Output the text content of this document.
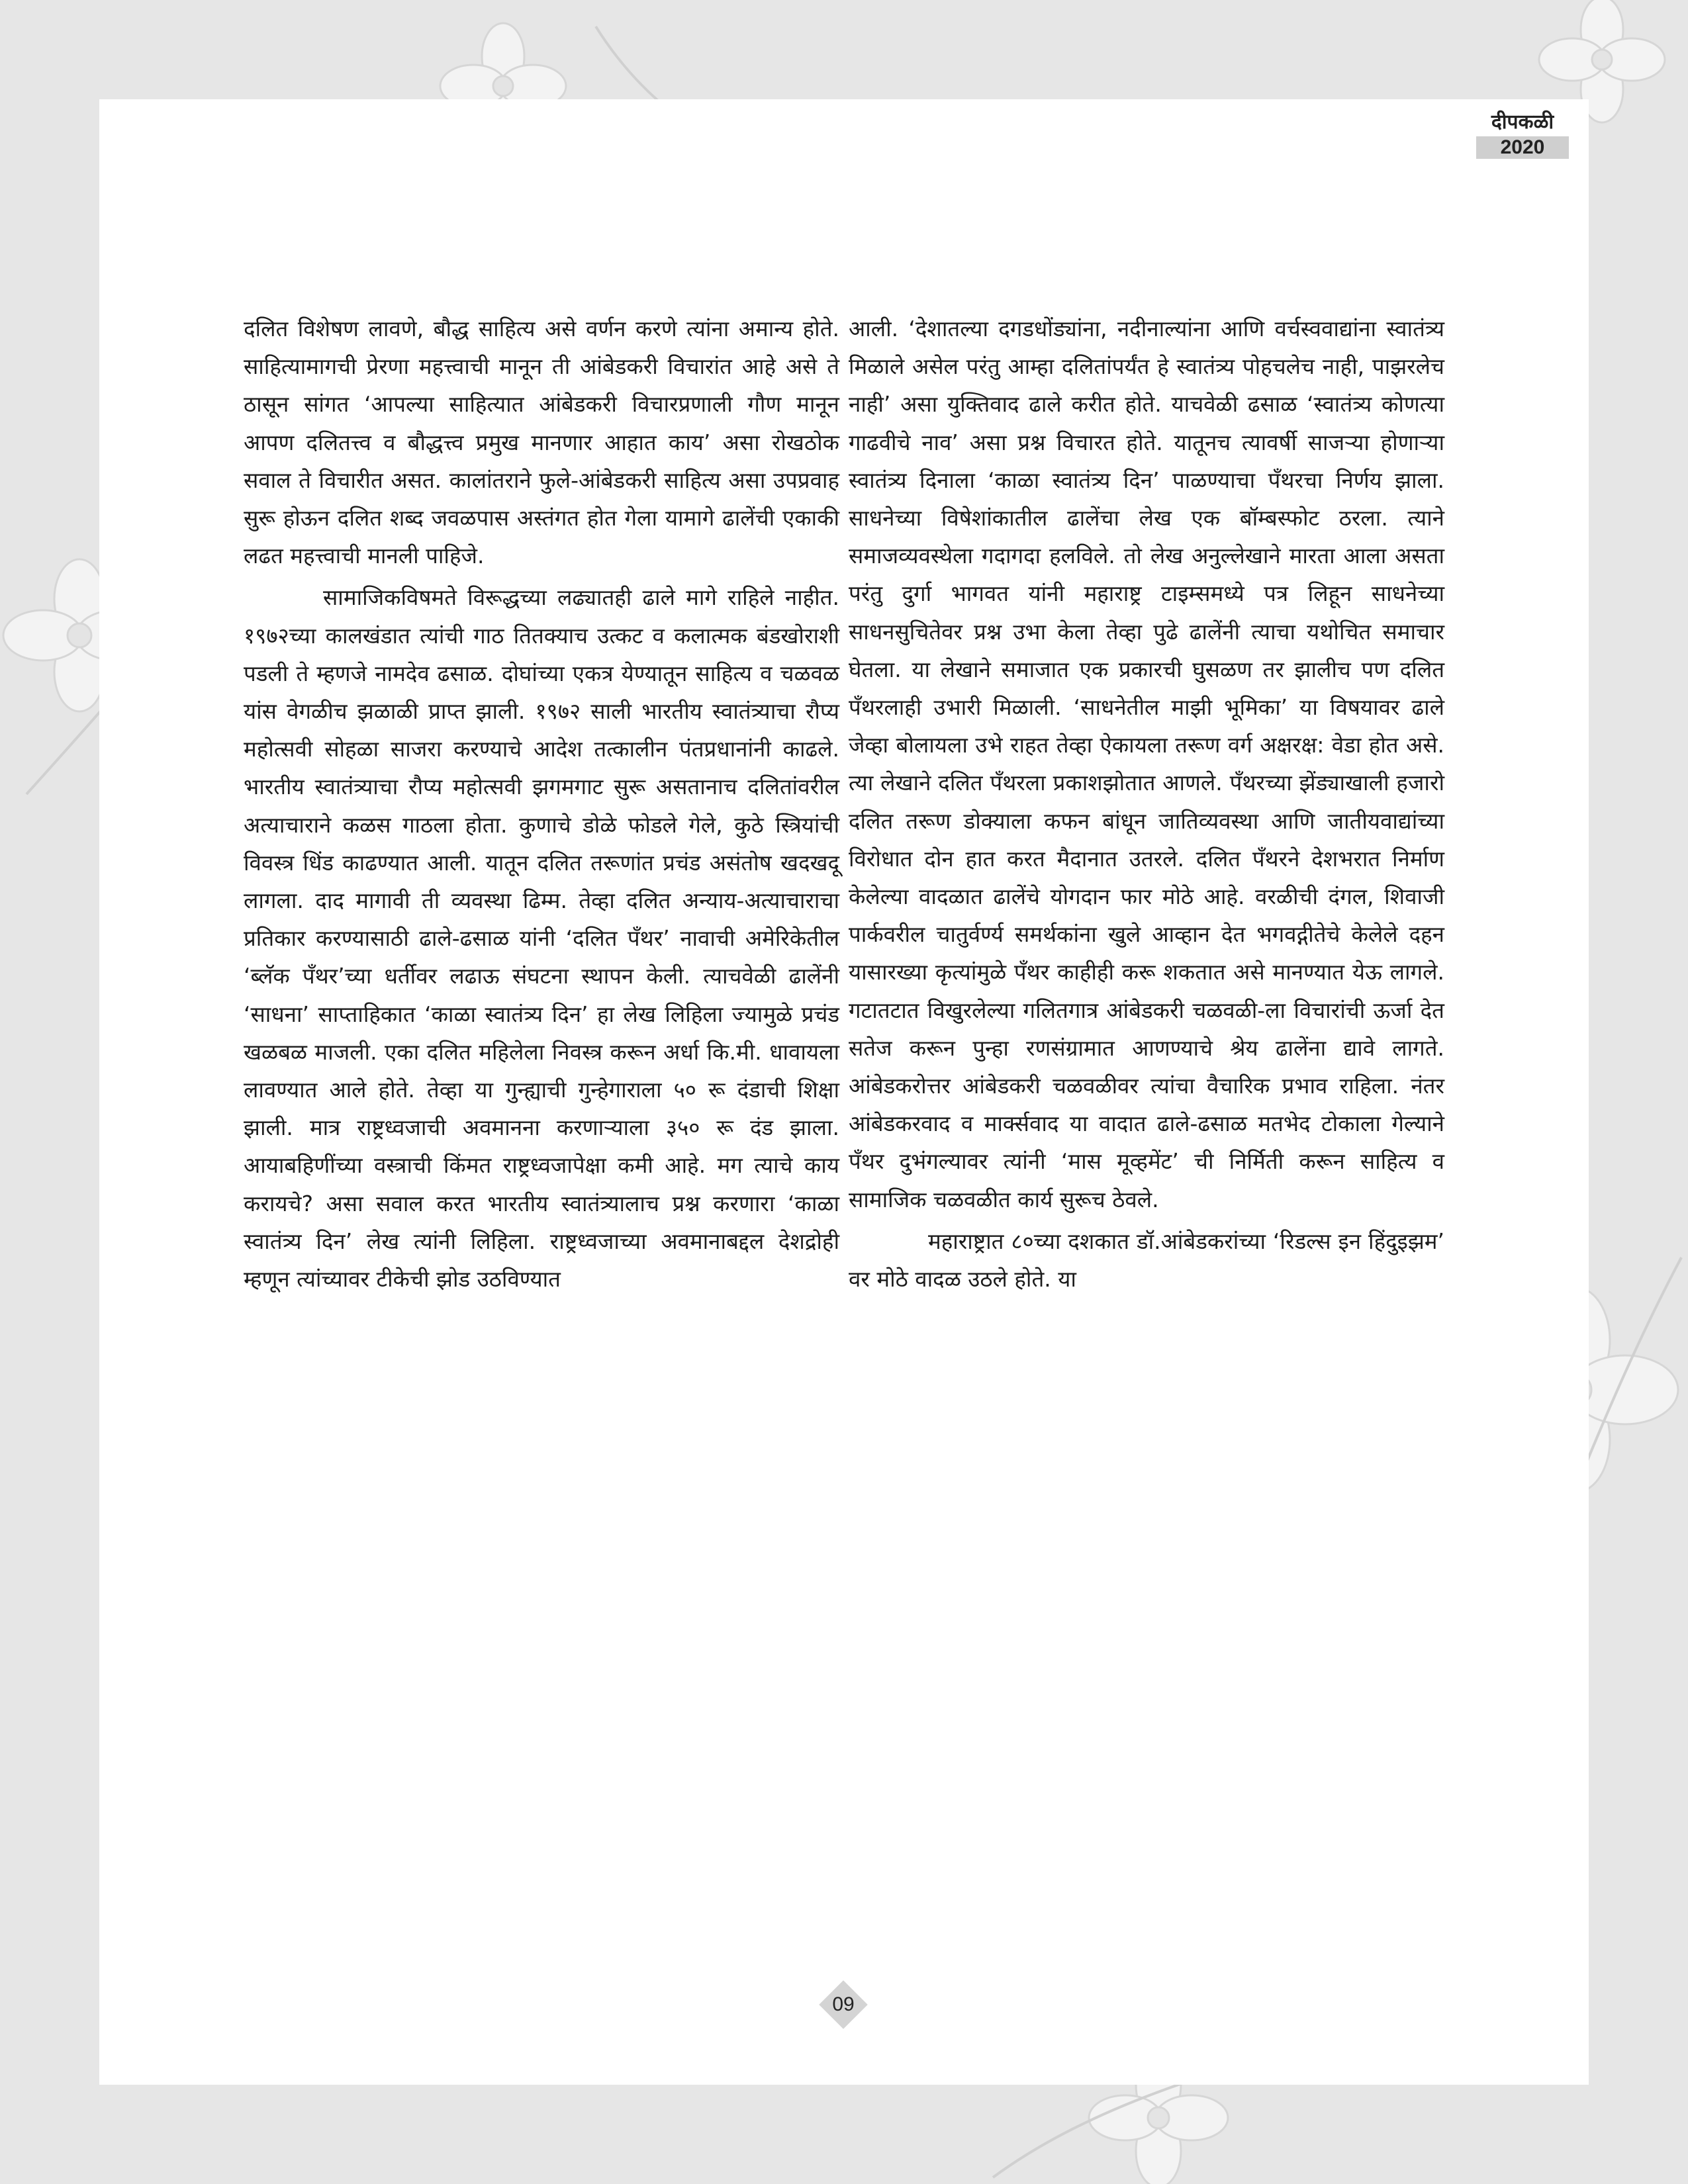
दीपकळी
2020

दलित विशेषण लावणे, बौद्ध साहित्य असे वर्णन करणे त्यांना अमान्य होते. साहित्यामागची प्रेरणा महत्त्वाची मानून ती आंबेडकरी विचारांत आहे असे ते ठासून सांगत ‘आपल्या साहित्यात आंबेडकरी विचारप्रणाली गौण मानून आपण दलितत्त्व व बौद्धत्त्व प्रमुख मानणार आहात काय’ असा रोखठोक सवाल ते विचारीत असत. कालांतराने फुले-आंबेडकरी साहित्य असा उपप्रवाह सुरू होऊन दलित शब्द जवळपास अस्तंगत होत गेला यामागे ढालेंची एकाकी लढत महत्त्वाची मानली पाहिजे.

सामाजिकविषमते विरूद्धच्या लढ्यातही ढाले मागे राहिले नाहीत. १९७२च्या कालखंडात त्यांची गाठ तितक्याच उत्कट व कलात्मक बंडखोराशी पडली ते म्हणजे नामदेव ढसाळ. दोघांच्या एकत्र येण्यातून साहित्य व चळवळ यांस वेगळीच झळाळी प्राप्त झाली. १९७२ साली भारतीय स्वातंत्र्याचा रौप्य महोत्सवी सोहळा साजरा करण्याचे आदेश तत्कालीन पंतप्रधानांनी काढले. भारतीय स्वातंत्र्याचा रौप्य महोत्सवी झगमगाट सुरू असतानाच दलितांवरील अत्याचाराने कळस गाठला होता. कुणाचे डोळे फोडले गेले, कुठे स्त्रियांची विवस्त्र धिंड काढण्यात आली. यातून दलित तरूणांत प्रचंड असंतोष खदखदू लागला. दाद मागावी ती व्यवस्था ढिम्म. तेव्हा दलित अन्याय-अत्याचाराचा प्रतिकार करण्यासाठी ढाले-ढसाळ यांनी ‘दलित पँथर’ नावाची अमेरिकेतील ‘ब्लॅक पँथर’च्या धर्तीवर लढाऊ संघटना स्थापन केली. त्याचवेळी ढालेंनी ‘साधना’ साप्ताहिकात ‘काळा स्वातंत्र्य दिन’ हा लेख लिहिला ज्यामुळे प्रचंड खळबळ माजली. एका दलित महिलेला निवस्त्र करून अर्धा कि.मी. धावायला लावण्यात आले होते. तेव्हा या गुन्ह्याची गुन्हेगाराला ५० रू दंडाची शिक्षा झाली. मात्र राष्ट्रध्वजाची अवमानना करणाऱ्याला ३५० रू दंड झाला. आयाबहिणींच्या वस्त्राची किंमत राष्ट्रध्वजापेक्षा कमी आहे. मग त्याचे काय करायचे? असा सवाल करत भारतीय स्वातंत्र्यालाच प्रश्न करणारा ‘काळा स्वातंत्र्य दिन’ लेख त्यांनी लिहिला. राष्ट्रध्वजाच्या अवमानाबद्दल देशद्रोही म्हणून त्यांच्यावर टीकेची झोड उठविण्यात

आली. ‘देशातल्या दगडधोंड्यांना, नदीनाल्यांना आणि वर्चस्ववाद्यांना स्वातंत्र्य मिळाले असेल परंतु आम्हा दलितांपर्यंत हे स्वातंत्र्य पोहचलेच नाही, पाझरलेच नाही’ असा युक्तिवाद ढाले करीत होते. याचवेळी ढसाळ ‘स्वातंत्र्य कोणत्या गाढवीचे नाव’ असा प्रश्न विचारत होते. यातूनच त्यावर्षी साजऱ्या होणाऱ्या स्वातंत्र्य दिनाला ‘काळा स्वातंत्र्य दिन’ पाळण्याचा पँथरचा निर्णय झाला. साधनेच्या विषेशांकातील ढालेंचा लेख एक बॉम्बस्फोट ठरला. त्याने समाजव्यवस्थेला गदागदा हलविले. तो लेख अनुल्लेखाने मारता आला असता परंतु दुर्गा भागवत यांनी महाराष्ट्र टाइम्समध्ये पत्र लिहून साधनेच्या साधनसुचितेवर प्रश्न उभा केला तेव्हा पुढे ढालेंनी त्याचा यथोचित समाचार घेतला. या लेखाने समाजात एक प्रकारची घुसळण तर झालीच पण दलित पँथरलाही उभारी मिळाली. ‘साधनेतील माझी भूमिका’ या विषयावर ढाले जेव्हा बोलायला उभे राहत तेव्हा ऐकायला तरूण वर्ग अक्षरक्ष: वेडा होत असे. त्या लेखाने दलित पँथरला प्रकाशझोतात आणले. पँथरच्या झेंड्याखाली हजारो दलित तरूण डोक्याला कफन बांधून जातिव्यवस्था आणि जातीयवाद्यांच्या विरोधात दोन हात करत मैदानात उतरले. दलित पँथरने देशभरात निर्माण केलेल्या वादळात ढालेंचे योगदान फार मोठे आहे. वरळीची दंगल, शिवाजी पार्कवरील चातुर्वर्ण्य समर्थकांना खुले आव्हान देत भगवद्गीतेचे केलेले दहन यासारख्या कृत्यांमुळे पँथर काहीही करू शकतात असे मानण्यात येऊ लागले. गटातटात विखुरलेल्या गलितगात्र आंबेडकरी चळवळी-ला विचारांची ऊर्जा देत सतेज करून पुन्हा रणसंग्रामात आणण्याचे श्रेय ढालेंना द्यावे लागते. आंबेडकरोत्तर आंबेडकरी चळवळीवर त्यांचा वैचारिक प्रभाव राहिला. नंतर आंबेडकरवाद व मार्क्सवाद या वादात ढाले-ढसाळ मतभेद टोकाला गेल्याने पँथर दुभंगल्यावर त्यांनी ‘मास मूव्हमेंट’ ची निर्मिती करून साहित्य व सामाजिक चळवळीत कार्य सुरूच ठेवले.

महाराष्ट्रात ८०च्या दशकात डॉ.आंबेडकरांच्या ‘रिडल्स इन हिंदुइझम’ वर मोठे वादळ उठले होते. या

09
